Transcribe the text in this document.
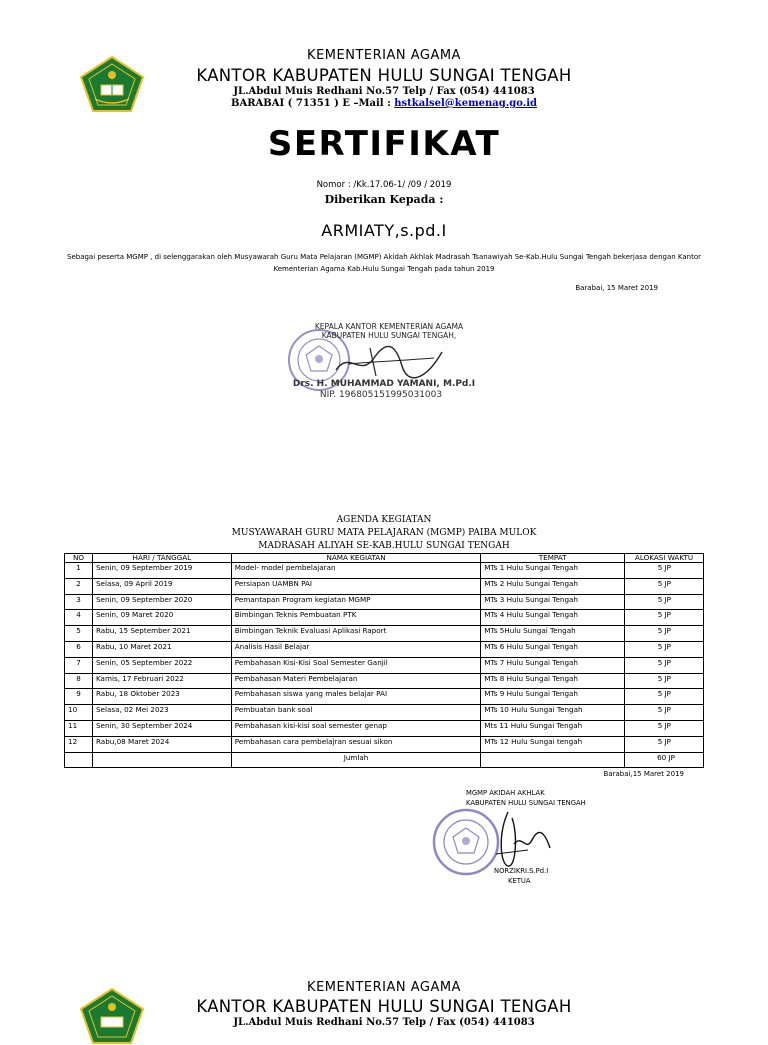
KEMENTERIAN AGAMA
KANTOR KABUPATEN HULU SUNGAI TENGAH
JL.Abdul Muis Redhani No.57 Telp / Fax (054) 441083
BARABAI ( 71351 ) E –Mail : hstkalsel@kemenag.go.id
SERTIFIKAT
Nomor : /Kk.17.06-1/ /09 / 2019
Diberikan Kepada :
ARMIATY,s.pd.I
Sebagai peserta MGMP , di selenggarakan oleh Musyawarah Guru Mata Pelajaran (MGMP) Akidah Akhlak Madrasah Tsanawiyah Se-Kab.Hulu Sungai Tengah bekerjasa dengan Kantor
Kementerian Agama Kab.Hulu Sungai Tengah pada tahun 2019
Barabai, 15 Maret 2019
KEPALA KANTOR KEMENTERIAN AGAMA
KABUPATEN HULU SUNGAI TENGAH,
Drs. H. MUHAMMAD YAMANI, M.Pd.I
NIP. 196805151995031003
AGENDA KEGIATAN
MUSYAWARAH GURU MATA PELAJARAN (MGMP) PAIBA MULOK
MADRASAH ALIYAH SE-KAB.HULU SUNGAI TENGAH
NO	HARI / TANGGAL	NAMA KEGIATAN	TEMPAT	ALOKASI WAKTU
1	Senin, 09 September 2019	Model- model pembelajaran	MTs 1 Hulu Sungai Tengah	5 JP
2	Selasa, 09 April 2019	Persiapan UAMBN PAI	MTs 2 Hulu Sungai Tengah	5 JP
3	Senin, 09 September 2020	Pemantapan Program kegiatan MGMP	MTs 3 Hulu Sungai Tengah	5 JP
4	Senin, 09 Maret 2020	Bimbingan Teknis Pembuatan PTK	MTs 4 Hulu Sungai Tengah	5 JP
5	Rabu, 15 September 2021	Bimbingan Teknik Evaluasi Aplikasi Raport	MTs 5Hulu Sungai Tengah	5 JP
6	Rabu, 10 Maret 2021	Analisis Hasil Belajar	MTs 6 Hulu Sungai Tengah	5 JP
7	Senin, 05 September 2022	Pembahasan Kisi-Kisi Soal Semester Ganjil	MTs 7 Hulu Sungai Tengah	5 JP
8	Kamis, 17 Februari 2022	Pembahasan Materi Pembelajaran	MTs 8 Hulu Sungai Tengah	5 JP
9	Rabu, 18 Oktober 2023	Pembahasan siswa yang males belajar PAI	MTs 9 Hulu Sungai Tengah	5 JP
10	Selasa, 02 Mei 2023	Pembuatan bank soal	MTs 10 Hulu Sungai Tengah	5 JP
11	Senin, 30 September 2024	Pembahasan kisi-kisi soal semester genap	Mts 11 Hulu Sungai Tengah	5 JP
12	Rabu,08 Maret 2024	Pembahasan cara pembelajran sesuai sikon	MTs 12 Hulu Sungai tengah	5 JP
		Jumlah		60 JP
Barabai,15 Maret 2019
MGMP AKIDAH AKHLAK
KABUPATEN HULU SUNGAI TENGAH
NORZIKRI.S.Pd.I
KETUA
KEMENTERIAN AGAMA
KANTOR KABUPATEN HULU SUNGAI TENGAH
JL.Abdul Muis Redhani No.57 Telp / Fax (054) 441083
